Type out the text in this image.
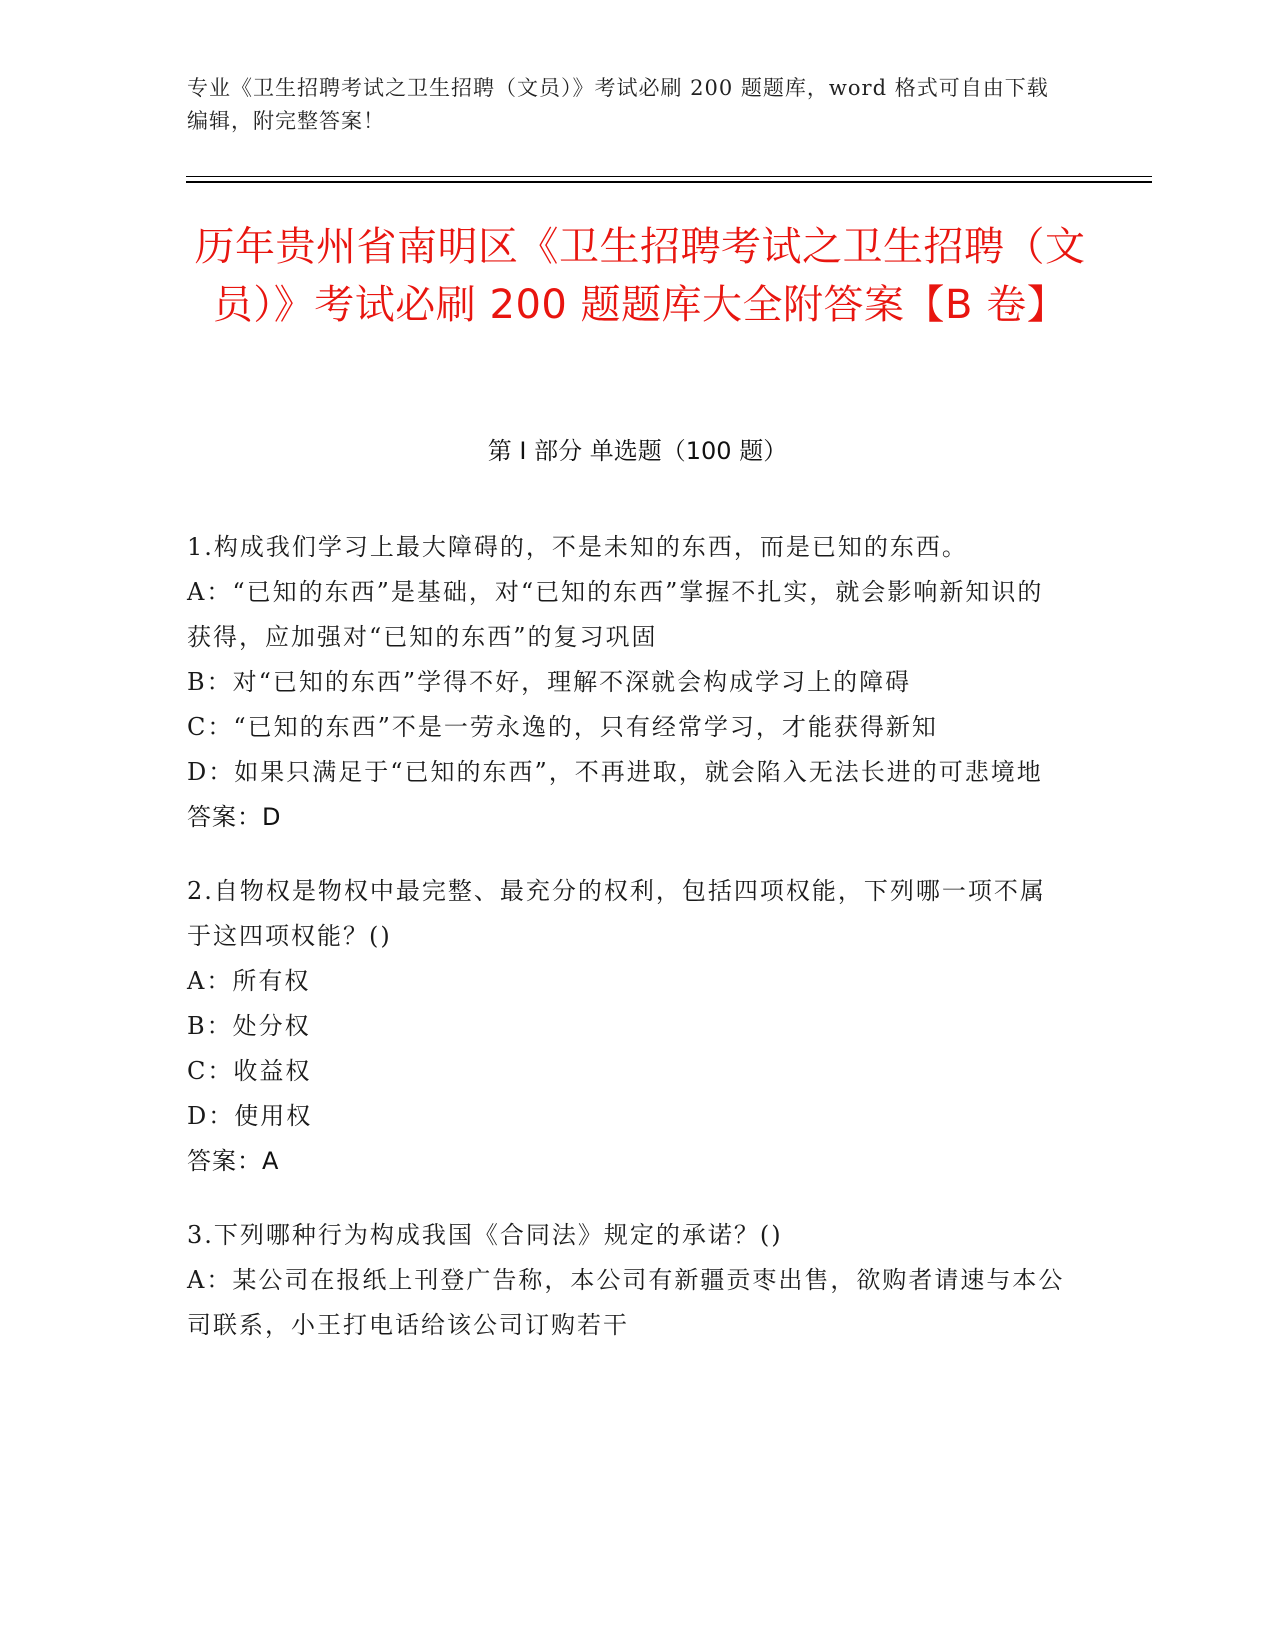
专业《卫生招聘考试之卫生招聘（文员）》考试必刷 200 题题库，word 格式可自由下载编辑，附完整答案！
历年贵州省南明区《卫生招聘考试之卫生招聘（文员）》考试必刷 200 题题库大全附答案【B 卷】
第 I 部分 单选题（100 题）

1.构成我们学习上最大障碍的，不是未知的东西，而是已知的东西。

A：“已知的东西”是基础，对“已知的东西”掌握不扎实，就会影响新知识的获得，应加强对“已知的东西”的复习巩固

B：对“已知的东西”学得不好，理解不深就会构成学习上的障碍

C：“已知的东西”不是一劳永逸的，只有经常学习，才能获得新知

D：如果只满足于“已知的东西”，不再进取，就会陷入无法长进的可悲境地

答案：D

2.自物权是物权中最完整、最充分的权利，包括四项权能，下列哪一项不属于这四项权能？()

A：所有权

B：处分权

C：收益权

D：使用权

答案：A

3.下列哪种行为构成我国《合同法》规定的承诺？()

A：某公司在报纸上刊登广告称，本公司有新疆贡枣出售，欲购者请速与本公司联系，小王打电话给该公司订购若干
